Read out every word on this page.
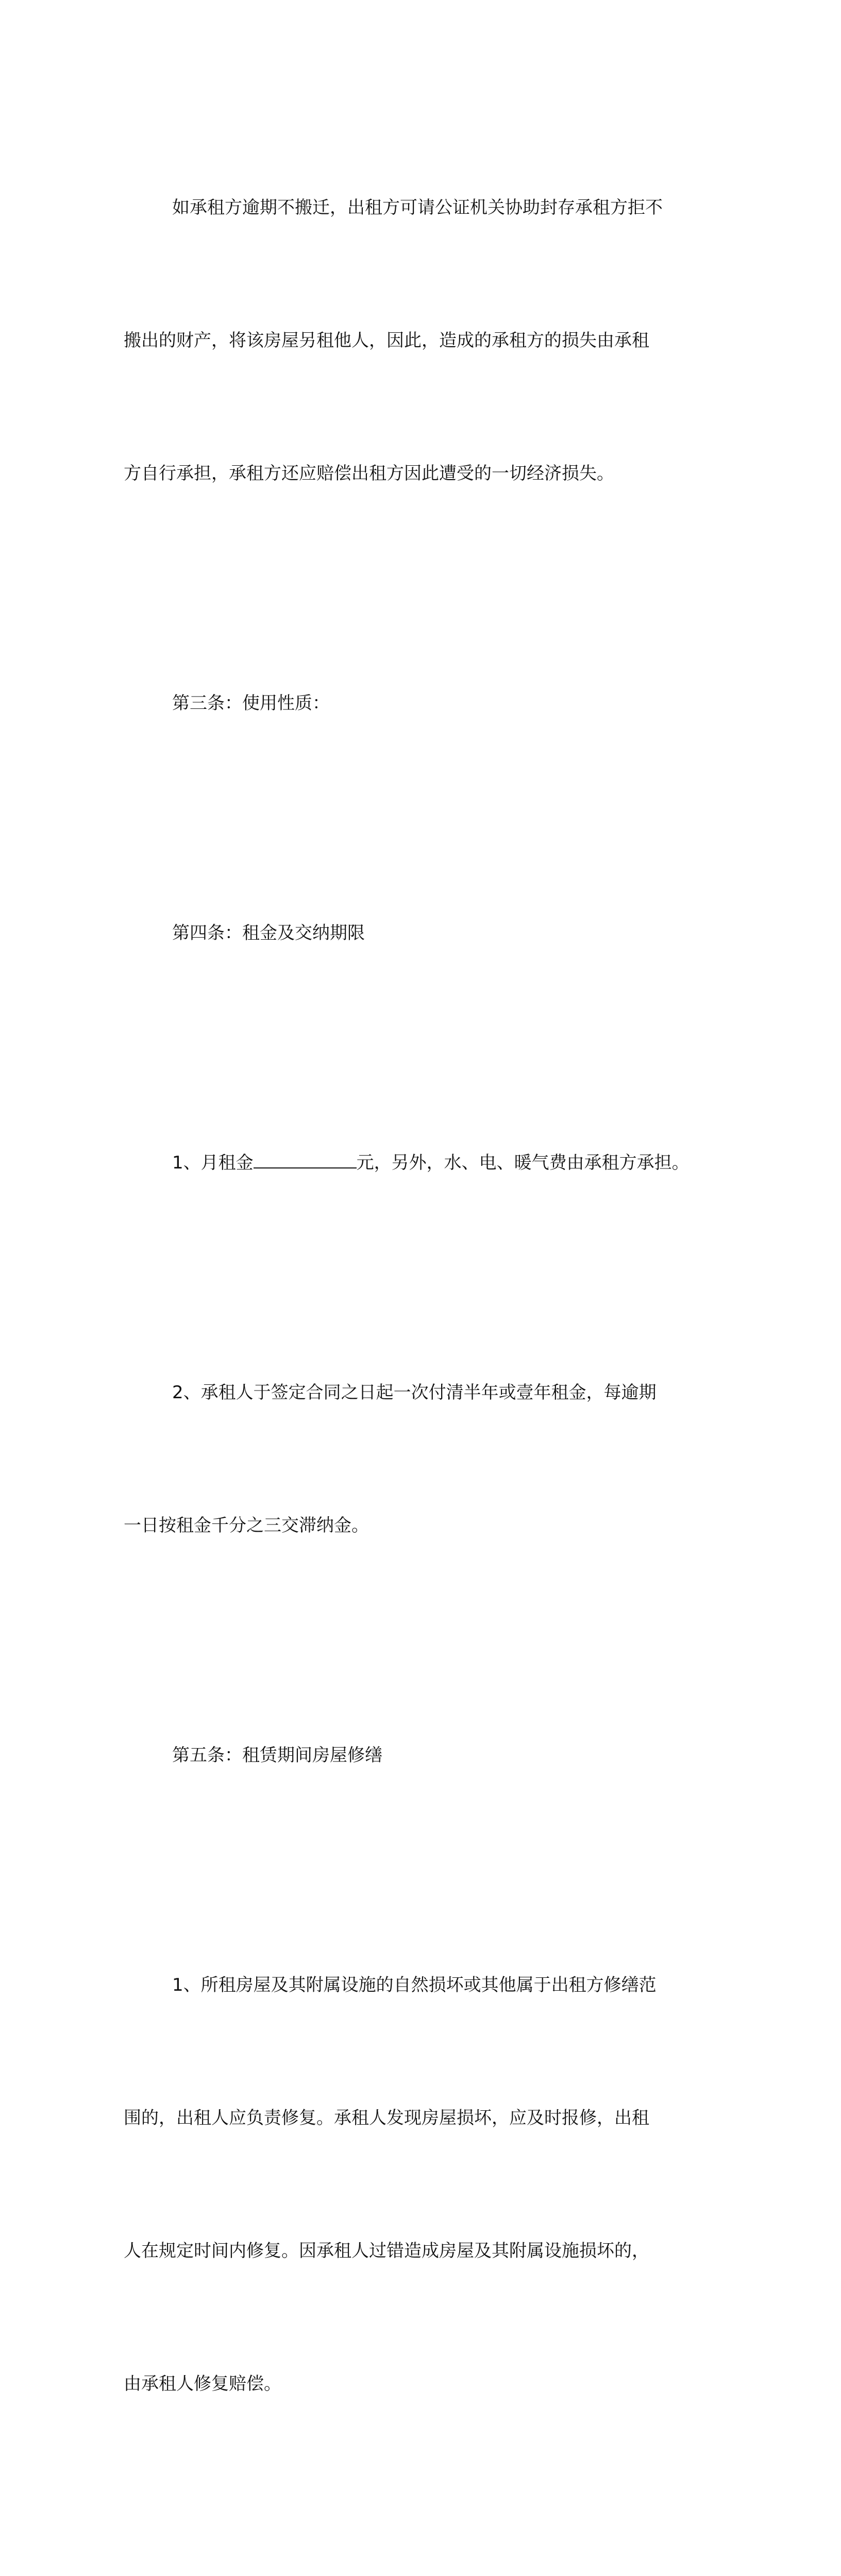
如承租方逾期不搬迁，出租方可请公证机关协助封存承租方拒不

搬出的财产，将该房屋另租他人，因此，造成的承租方的损失由承租

方自行承担，承租方还应赔偿出租方因此遭受的一切经济损失。

第三条：使用性质：

第四条：租金及交纳期限

1、月租金	元，另外，水、电、暖气费由承租方承担。

2、承租人于签定合同之日起一次付清半年或壹年租金，每逾期

一日按租金千分之三交滞纳金。

第五条：租赁期间房屋修缮

1、所租房屋及其附属设施的自然损坏或其他属于出租方修缮范

围的，出租人应负责修复。承租人发现房屋损坏，应及时报修，出租

人在规定时间内修复。因承租人过错造成房屋及其附属设施损坏的，

由承租人修复赔偿。
